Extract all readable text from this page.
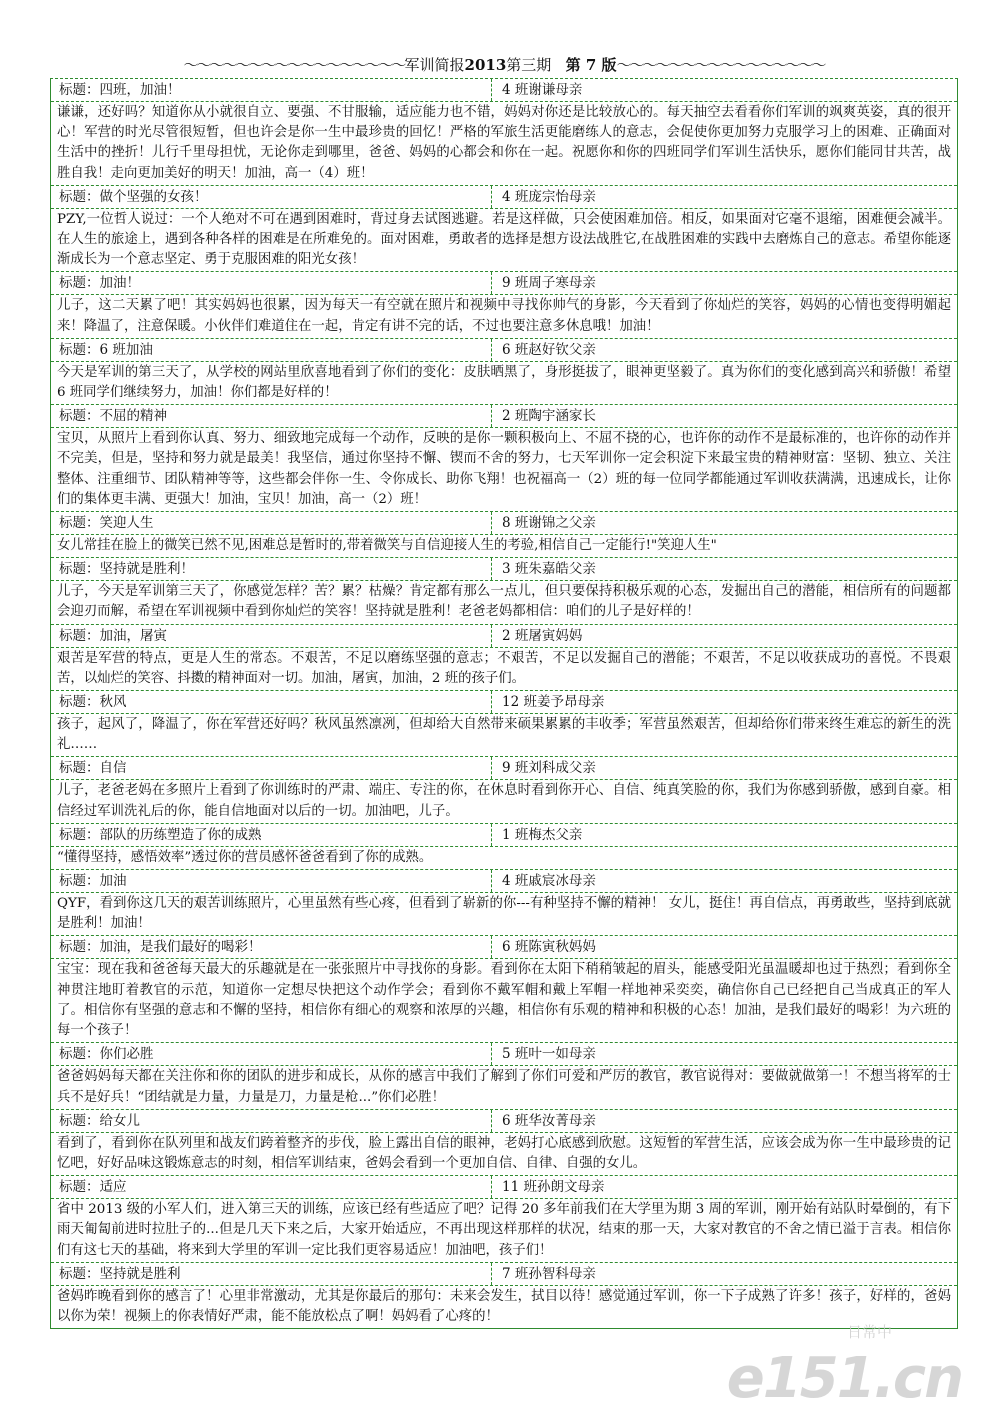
～～～～～～～～～～～～～～～～～军训简报2013第三期 第 7 版～～～～～～～～～～～～～～～～
标题：四班，加油！	4 班谢谦母亲
谦谦，还好吗？知道你从小就很自立、要强、不甘服输，适应能力也不错，妈妈对你还是比较放心的。每天抽空去看看你们军训的飒爽英姿，真的很开心！军营的时光尽管很短暂，但也许会是你一生中最珍贵的回忆！严格的军旅生活更能磨练人的意志，会促使你更加努力克服学习上的困难、正确面对生活中的挫折！儿行千里母担忧，无论你走到哪里，爸爸、妈妈的心都会和你在一起。祝愿你和你的四班同学们军训生活快乐，愿你们能同甘共苦，战胜自我！走向更加美好的明天！加油，高一（4）班！
标题：做个坚强的女孩！	4 班庞宗怡母亲
PZY,一位哲人说过：一个人绝对不可在遇到困难时，背过身去试图逃避。若是这样做，只会使困难加倍。相反，如果面对它毫不退缩，困难便会减半。在人生的旅途上，遇到各种各样的困难是在所难免的。面对困难，勇敢者的选择是想方设法战胜它,在战胜困难的实践中去磨炼自己的意志。希望你能逐渐成长为一个意志坚定、勇于克服困难的阳光女孩！
标题：加油！	9 班周子寒母亲
儿子，这二天累了吧！其实妈妈也很累，因为每天一有空就在照片和视频中寻找你帅气的身影，今天看到了你灿烂的笑容，妈妈的心情也变得明媚起来！降温了，注意保暖。小伙伴们难道住在一起，肯定有讲不完的话，不过也要注意多休息哦！加油！
标题：6 班加油	6 班赵好钦父亲
今天是军训的第三天了，从学校的网站里欣喜地看到了你们的变化：皮肤晒黑了，身形挺拔了，眼神更坚毅了。真为你们的变化感到高兴和骄傲！希望 6 班同学们继续努力，加油！你们都是好样的！
标题：不屈的精神	2 班陶宇涵家长
宝贝，从照片上看到你认真、努力、细致地完成每一个动作，反映的是你一颗积极向上、不屈不挠的心，也许你的动作不是最标准的，也许你的动作并不完美，但是，坚持和努力就是最美！我坚信，通过你坚持不懈、锲而不舍的努力，七天军训你一定会积淀下来最宝贵的精神财富：坚韧、独立、关注整体、注重细节、团队精神等等，这些都会伴你一生、令你成长、助你飞翔！也祝福高一（2）班的每一位同学都能通过军训收获满满，迅速成长，让你们的集体更丰满、更强大！加油，宝贝！加油，高一（2）班！
标题：笑迎人生	8 班谢锦之父亲
女儿常挂在脸上的微笑已然不见,困难总是暂时的,带着微笑与自信迎接人生的考验,相信自己一定能行!"笑迎人生"
标题：坚持就是胜利！	3 班朱嘉皓父亲
儿子，今天是军训第三天了，你感觉怎样？苦？累？枯燥？肯定都有那么一点儿，但只要保持积极乐观的心态，发掘出自己的潜能，相信所有的问题都会迎刃而解，希望在军训视频中看到你灿烂的笑容！坚持就是胜利！老爸老妈都相信：咱们的儿子是好样的！
标题：加油，屠寅	2 班屠寅妈妈
艰苦是军营的特点，更是人生的常态。不艰苦，不足以磨练坚强的意志；不艰苦，不足以发掘自己的潜能；不艰苦，不足以收获成功的喜悦。不畏艰苦，以灿烂的笑容、抖擞的精神面对一切。加油，屠寅，加油，2 班的孩子们。
标题：秋风	12 班姜予昂母亲
孩子，起风了，降温了，你在军营还好吗？秋风虽然凛冽，但却给大自然带来硕果累累的丰收季；军营虽然艰苦，但却给你们带来终生难忘的新生的洗礼……
标题：自信	9 班刘科成父亲
儿子，老爸老妈在多照片上看到了你训练时的严肃、端庄、专注的你，在休息时看到你开心、自信、纯真笑脸的你，我们为你感到骄傲，感到自豪。相信经过军训洗礼后的你，能自信地面对以后的一切。加油吧，儿子。
标题：部队的历练塑造了你的成熟	1 班梅杰父亲
“懂得坚持，感悟效率”透过你的营员感怀爸爸看到了你的成熟。
标题：加油	4 班戚宸冰母亲
QYF，看到你这几天的艰苦训练照片，心里虽然有些心疼，但看到了崭新的你---有种坚持不懈的精神！ 女儿，挺住！再自信点，再勇敢些，坚持到底就是胜利！加油！
标题：加油，是我们最好的喝彩！	6 班陈寅秋妈妈
宝宝：现在我和爸爸每天最大的乐趣就是在一张张照片中寻找你的身影。看到你在太阳下稍稍皱起的眉头，能感受阳光虽温暖却也过于热烈；看到你全神贯注地盯着教官的示范，知道你一定想尽快把这个动作学会；看到你不戴军帽和戴上军帽一样地神采奕奕，确信你自己已经把自己当成真正的军人了。相信你有坚强的意志和不懈的坚持，相信你有细心的观察和浓厚的兴趣，相信你有乐观的精神和积极的心态！加油，是我们最好的喝彩！为六班的每一个孩子！
标题：你们必胜	5 班叶一如母亲
爸爸妈妈每天都在关注你和你的团队的进步和成长，从你的感言中我们了解到了你们可爱和严厉的教官，教官说得对：要做就做第一！不想当将军的士兵不是好兵！“团结就是力量，力量是刀，力量是枪...”你们必胜！
标题：给女儿	6 班华汝菁母亲
看到了，看到你在队列里和战友们跨着整齐的步伐，脸上露出自信的眼神，老妈打心底感到欣慰。这短暂的军营生活，应该会成为你一生中最珍贵的记忆吧，好好品味这锻炼意志的时刻，相信军训结束，爸妈会看到一个更加自信、自律、自强的女儿。
标题：适应	11 班孙朗文母亲
省中 2013 级的小军人们，进入第三天的训练，应该已经有些适应了吧？记得 20 多年前我们在大学里为期 3 周的军训，刚开始有站队时晕倒的，有下雨天匍匐前进时拉肚子的...但是几天下来之后，大家开始适应，不再出现这样那样的状况，结束的那一天，大家对教官的不舍之情已溢于言表。相信你们有这七天的基础，将来到大学里的军训一定比我们更容易适应！加油吧，孩子们！
标题：坚持就是胜利	7 班孙智科母亲
爸妈昨晚看到你的感言了！心里非常激动，尤其是你最后的那句：未来会发生，拭目以待！感觉通过军训，你一下子成熟了许多！孩子，好样的，爸妈以你为荣！视频上的你表情好严肃，能不能放松点了啊！妈妈看了心疼的！
日常中
e151.cn
